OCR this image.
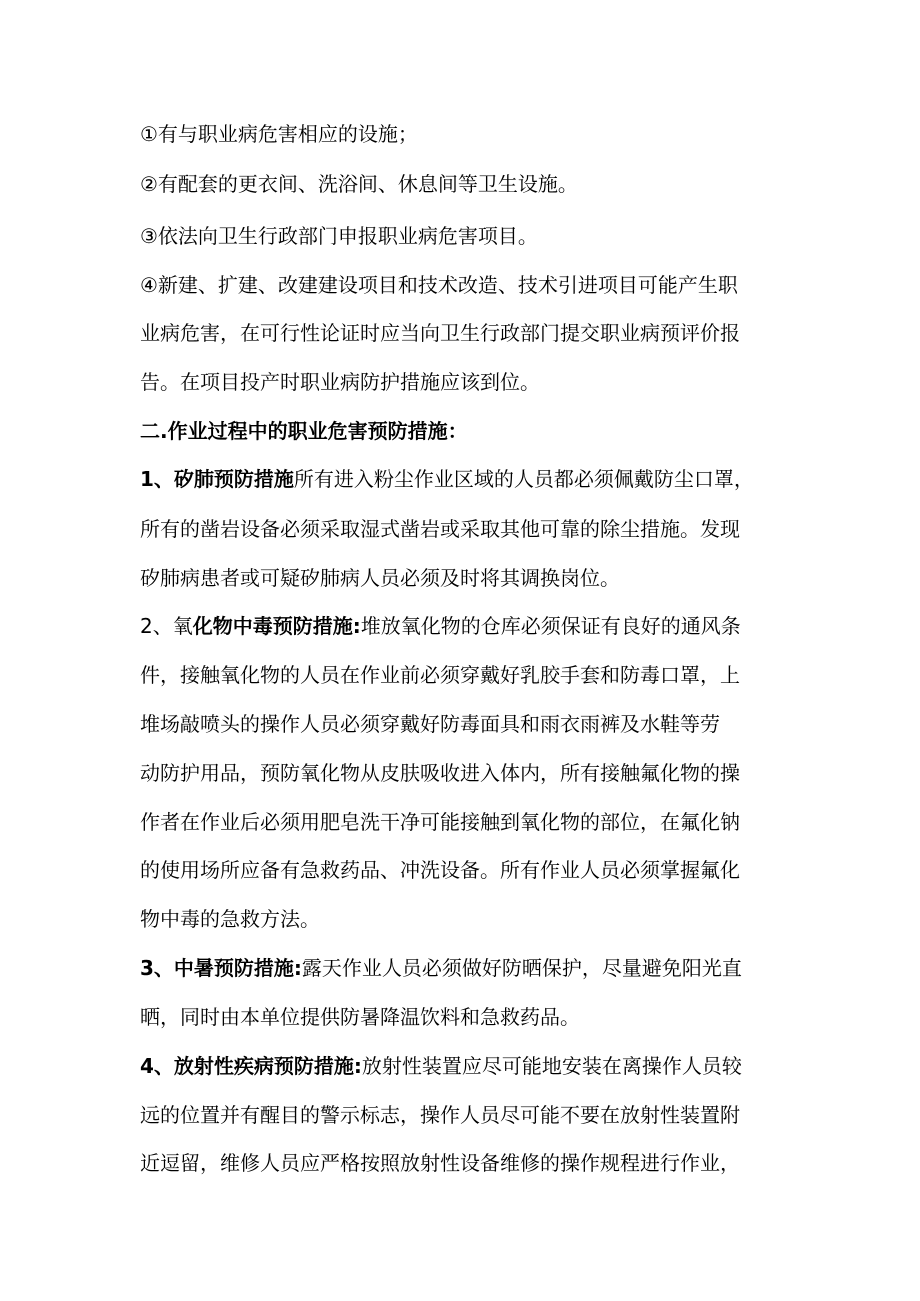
①有与职业病危害相应的设施；
②有配套的更衣间、洗浴间、休息间等卫生设施。
③依法向卫生行政部门申报职业病危害项目。
④新建、扩建、改建建设项目和技术改造、技术引进项目可能产生职
业病危害，在可行性论证时应当向卫生行政部门提交职业病预评价报
告。在项目投产时职业病防护措施应该到位。
二.作业过程中的职业危害预防措施：
1、矽肺预防措施所有进入粉尘作业区域的人员都必须佩戴防尘口罩，
所有的凿岩设备必须采取湿式凿岩或采取其他可靠的除尘措施。发现
矽肺病患者或可疑矽肺病人员必须及时将其调换岗位。
2、氧化物中毒预防措施:堆放氧化物的仓库必须保证有良好的通风条
件，接触氧化物的人员在作业前必须穿戴好乳胶手套和防毒口罩，上
堆场敲喷头的操作人员必须穿戴好防毒面具和雨衣雨裤及水鞋等劳
动防护用品，预防氧化物从皮肤吸收进入体内，所有接触氟化物的操
作者在作业后必须用肥皂洗干净可能接触到氧化物的部位，在氟化钠
的使用场所应备有急救药品、冲洗设备。所有作业人员必须掌握氟化
物中毒的急救方法。
3、中暑预防措施:露天作业人员必须做好防晒保护，尽量避免阳光直
晒，同时由本单位提供防暑降温饮料和急救药品。
4、放射性疾病预防措施:放射性装置应尽可能地安装在离操作人员较
远的位置并有醒目的警示标志，操作人员尽可能不要在放射性装置附
近逗留，维修人员应严格按照放射性设备维修的操作规程进行作业，
